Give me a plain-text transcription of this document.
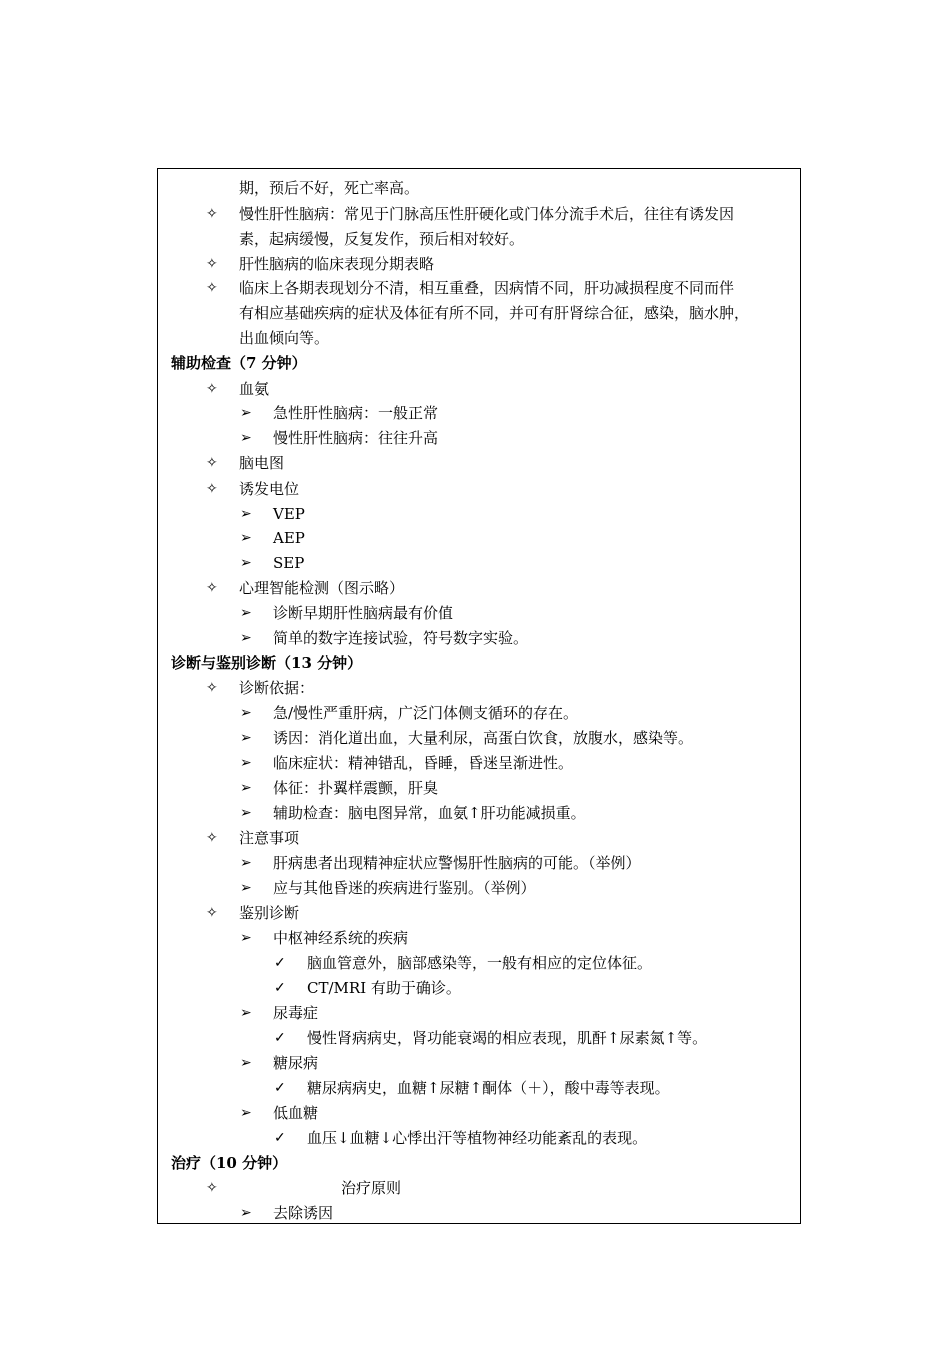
期，预后不好，死亡率高。
✧ 慢性肝性脑病：常见于门脉高压性肝硬化或门体分流手术后，往往有诱发因
素，起病缓慢，反复发作，预后相对较好。
✧ 肝性脑病的临床表现分期表略
✧ 临床上各期表现划分不清，相互重叠，因病情不同，肝功减损程度不同而伴
有相应基础疾病的症状及体征有所不同，并可有肝肾综合征，感染，脑水肿，
出血倾向等。
辅助检查（7 分钟）
✧ 血氨
➢ 急性肝性脑病：一般正常
➢ 慢性肝性脑病：往往升高
✧ 脑电图
✧ 诱发电位
➢ VEP
➢ AEP
➢ SEP
✧ 心理智能检测（图示略）
➢ 诊断早期肝性脑病最有价值
➢ 简单的数字连接试验，符号数字实验。
诊断与鉴别诊断（13 分钟）
✧ 诊断依据：
➢ 急/慢性严重肝病，广泛门体侧支循环的存在。
➢ 诱因：消化道出血，大量利尿，高蛋白饮食，放腹水，感染等。
➢ 临床症状：精神错乱，昏睡，昏迷呈渐进性。
➢ 体征：扑翼样震颤，肝臭
➢ 辅助检查：脑电图异常，血氨↑肝功能减损重。
✧ 注意事项
➢ 肝病患者出现精神症状应警惕肝性脑病的可能。（举例）
➢ 应与其他昏迷的疾病进行鉴别。（举例）
✧ 鉴别诊断
➢ 中枢神经系统的疾病
✓ 脑血管意外，脑部感染等，一般有相应的定位体征。
✓ CT/MRI 有助于确诊。
➢ 尿毒症
✓ 慢性肾病病史，肾功能衰竭的相应表现，肌酐↑尿素氮↑等。
➢ 糖尿病
✓ 糖尿病病史，血糖↑尿糖↑酮体（＋），酸中毒等表现。
➢ 低血糖
✓ 血压↓血糖↓心悸出汗等植物神经功能紊乱的表现。
治疗（10 分钟）
✧	治疗原则
➢ 去除诱因
